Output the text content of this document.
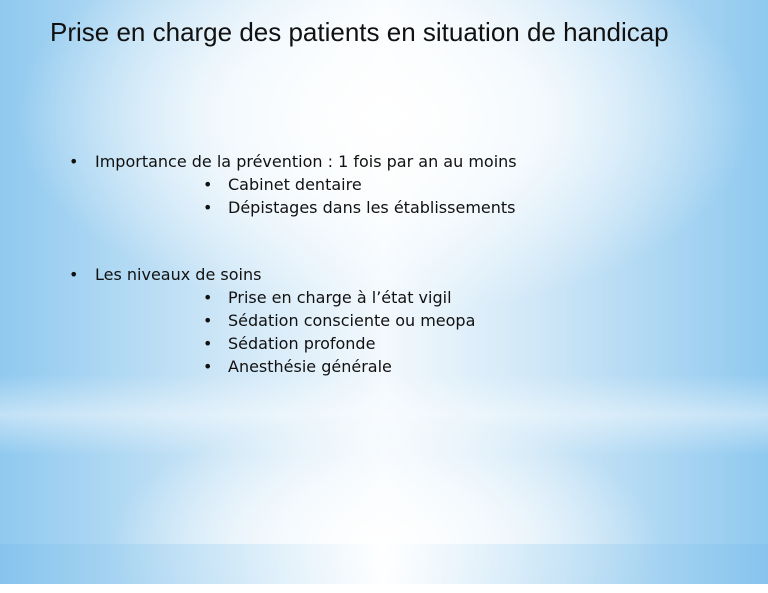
Prise en charge des patients en situation de handicap
• Importance de la prévention : 1 fois par an au moins
• Cabinet dentaire
• Dépistages dans les établissements
• Les niveaux de soins
• Prise en charge à l’état vigil
• Sédation consciente ou meopa
• Sédation profonde
• Anesthésie générale
